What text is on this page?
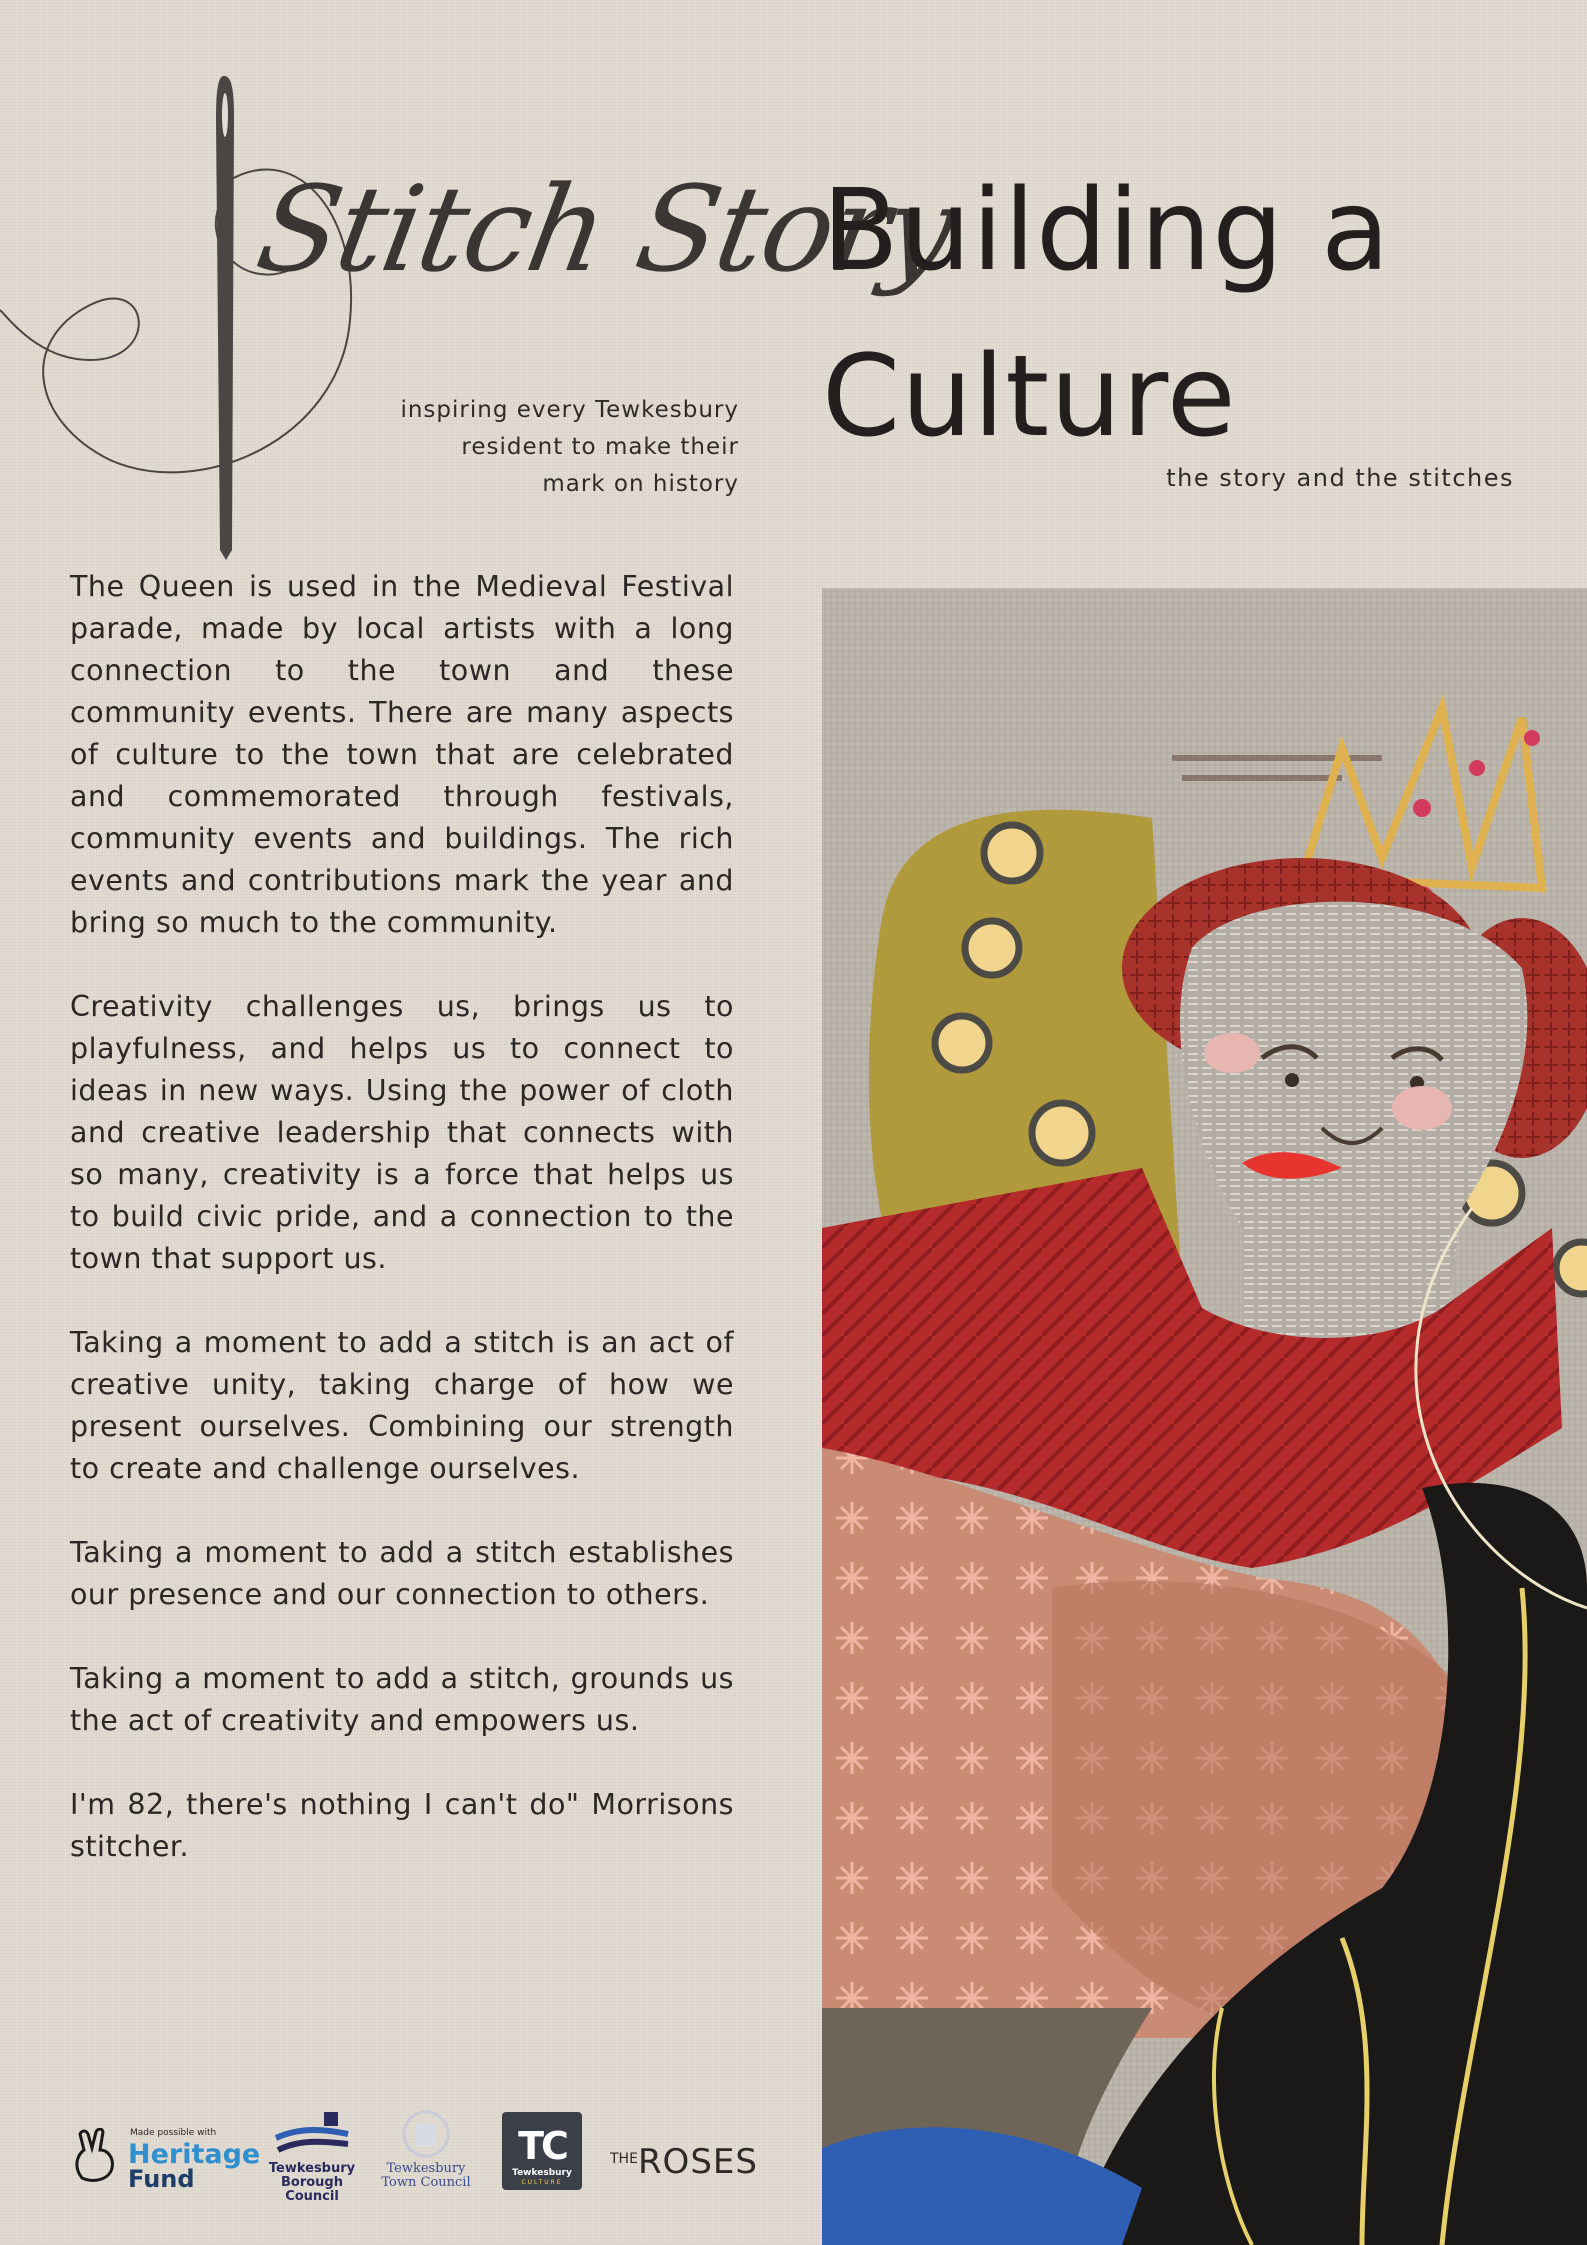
Stitch Story
inspiring every Tewkesbury
resident to make their
mark on history
Building a
Culture
the story and the stitches

The Queen is used in the Medieval Festival parade, made by local artists with a long connection to the town and these community events. There are many aspects of culture to the town that are celebrated and commemorated through festivals, community events and buildings. The rich events and contributions mark the year and bring so much to the community.

Creativity challenges us, brings us to playfulness, and helps us to connect to ideas in new ways. Using the power of cloth and creative leadership that connects with so many, creativity is a force that helps us to build civic pride, and a connection to the town that support us.

Taking a moment to add a stitch is an act of creative unity, taking charge of how we present ourselves. Combining our strength to create and challenge ourselves.

Taking a moment to add a stitch establishes our presence and our connection to others.

Taking a moment to add a stitch, grounds us the act of creativity and empowers us.

I'm 82, there's nothing I can't do" Morrisons stitcher.

Made possible with
Heritage
Fund	Tewkesbury
Borough Council
Tewkesbury
Town Council
TC
Tewkesbury
CULTURE
$^{THE}$ROSES
